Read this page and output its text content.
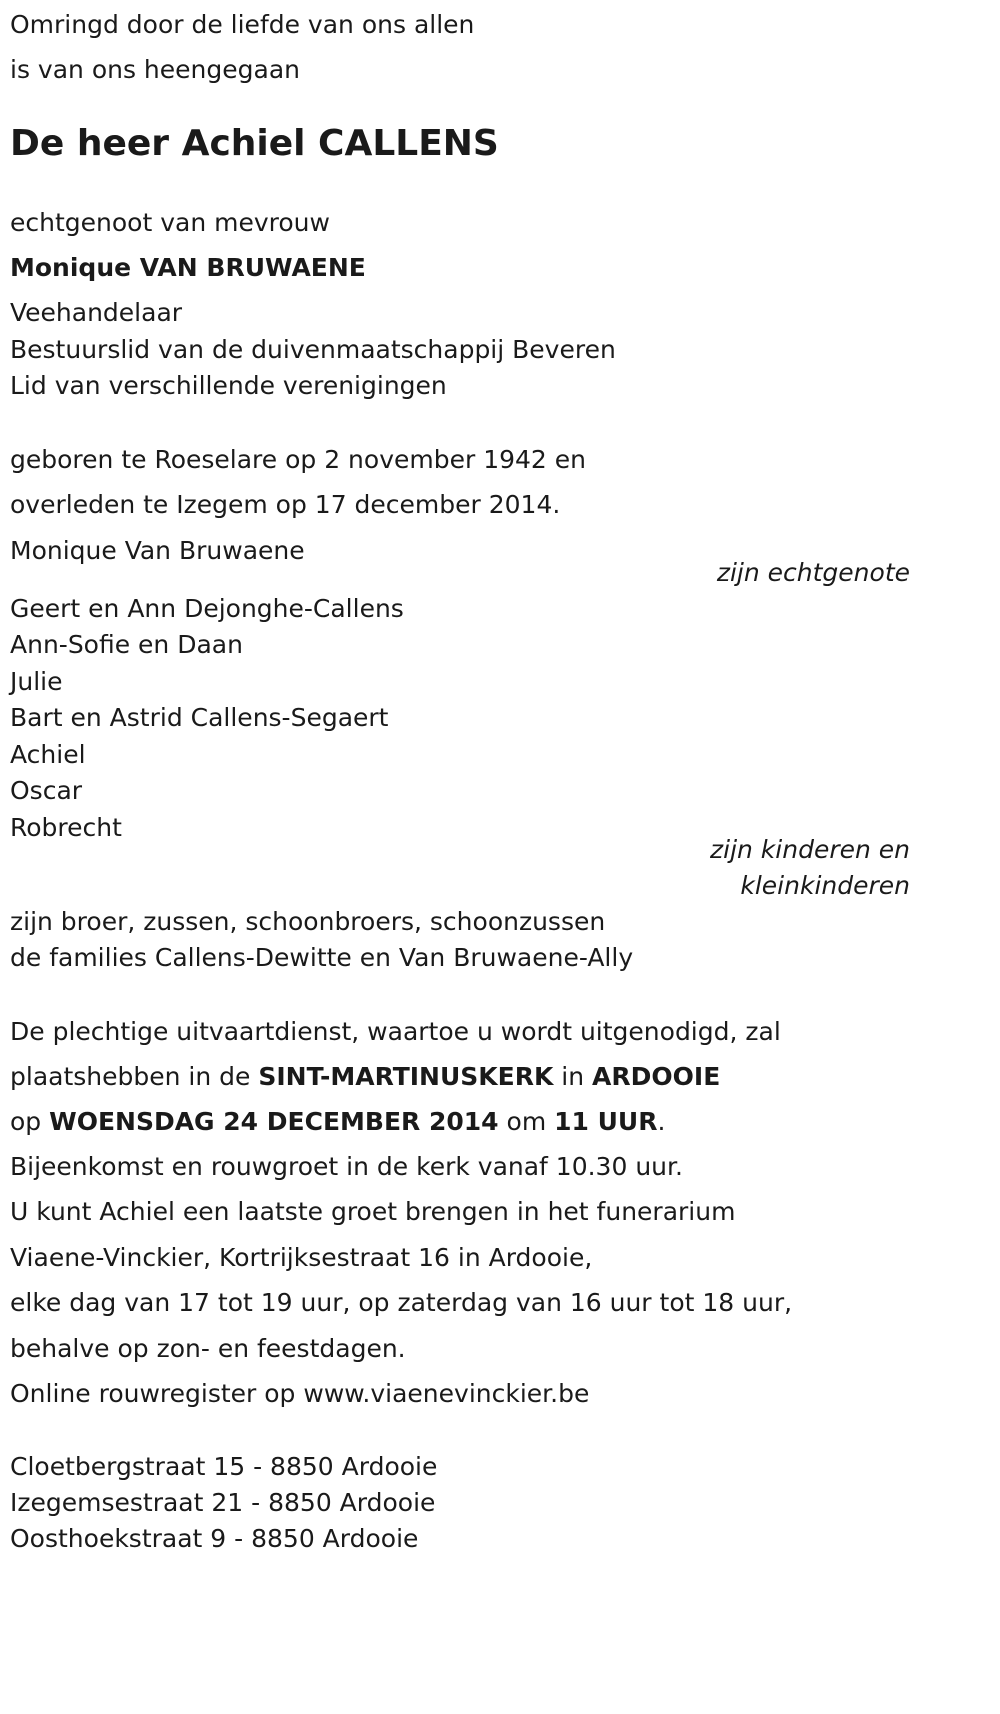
Omringd door de liefde van ons allen
is van ons heengegaan
De heer Achiel CALLENS
echtgenoot van mevrouw
Monique VAN BRUWAENE
Veehandelaar
Bestuurslid van de duivenmaatschappij Beveren
Lid van verschillende verenigingen
geboren te Roeselare op 2 november 1942 en
overleden te Izegem op 17 december 2014.
Monique Van Bruwaene
zijn echtgenote
Geert en Ann Dejonghe-Callens
Ann-Sofie en Daan
Julie
Bart en Astrid Callens-Segaert
Achiel
Oscar
Robrecht
zijn kinderen en
kleinkinderen
zijn broer, zussen, schoonbroers, schoonzussen
de families Callens-Dewitte en Van Bruwaene-Ally
De plechtige uitvaartdienst, waartoe u wordt uitgenodigd, zal
plaatshebben in de SINT-MARTINUSKERK in ARDOOIE
op WOENSDAG 24 DECEMBER 2014 om 11 UUR.
Bijeenkomst en rouwgroet in de kerk vanaf 10.30 uur.
U kunt Achiel een laatste groet brengen in het funerarium
Viaene-Vinckier, Kortrijksestraat 16 in Ardooie,
elke dag van 17 tot 19 uur, op zaterdag van 16 uur tot 18 uur,
behalve op zon- en feestdagen.
Online rouwregister op www.viaenevinckier.be
Cloetbergstraat 15 - 8850 Ardooie
Izegemsestraat 21 - 8850 Ardooie
Oosthoekstraat 9 - 8850 Ardooie
